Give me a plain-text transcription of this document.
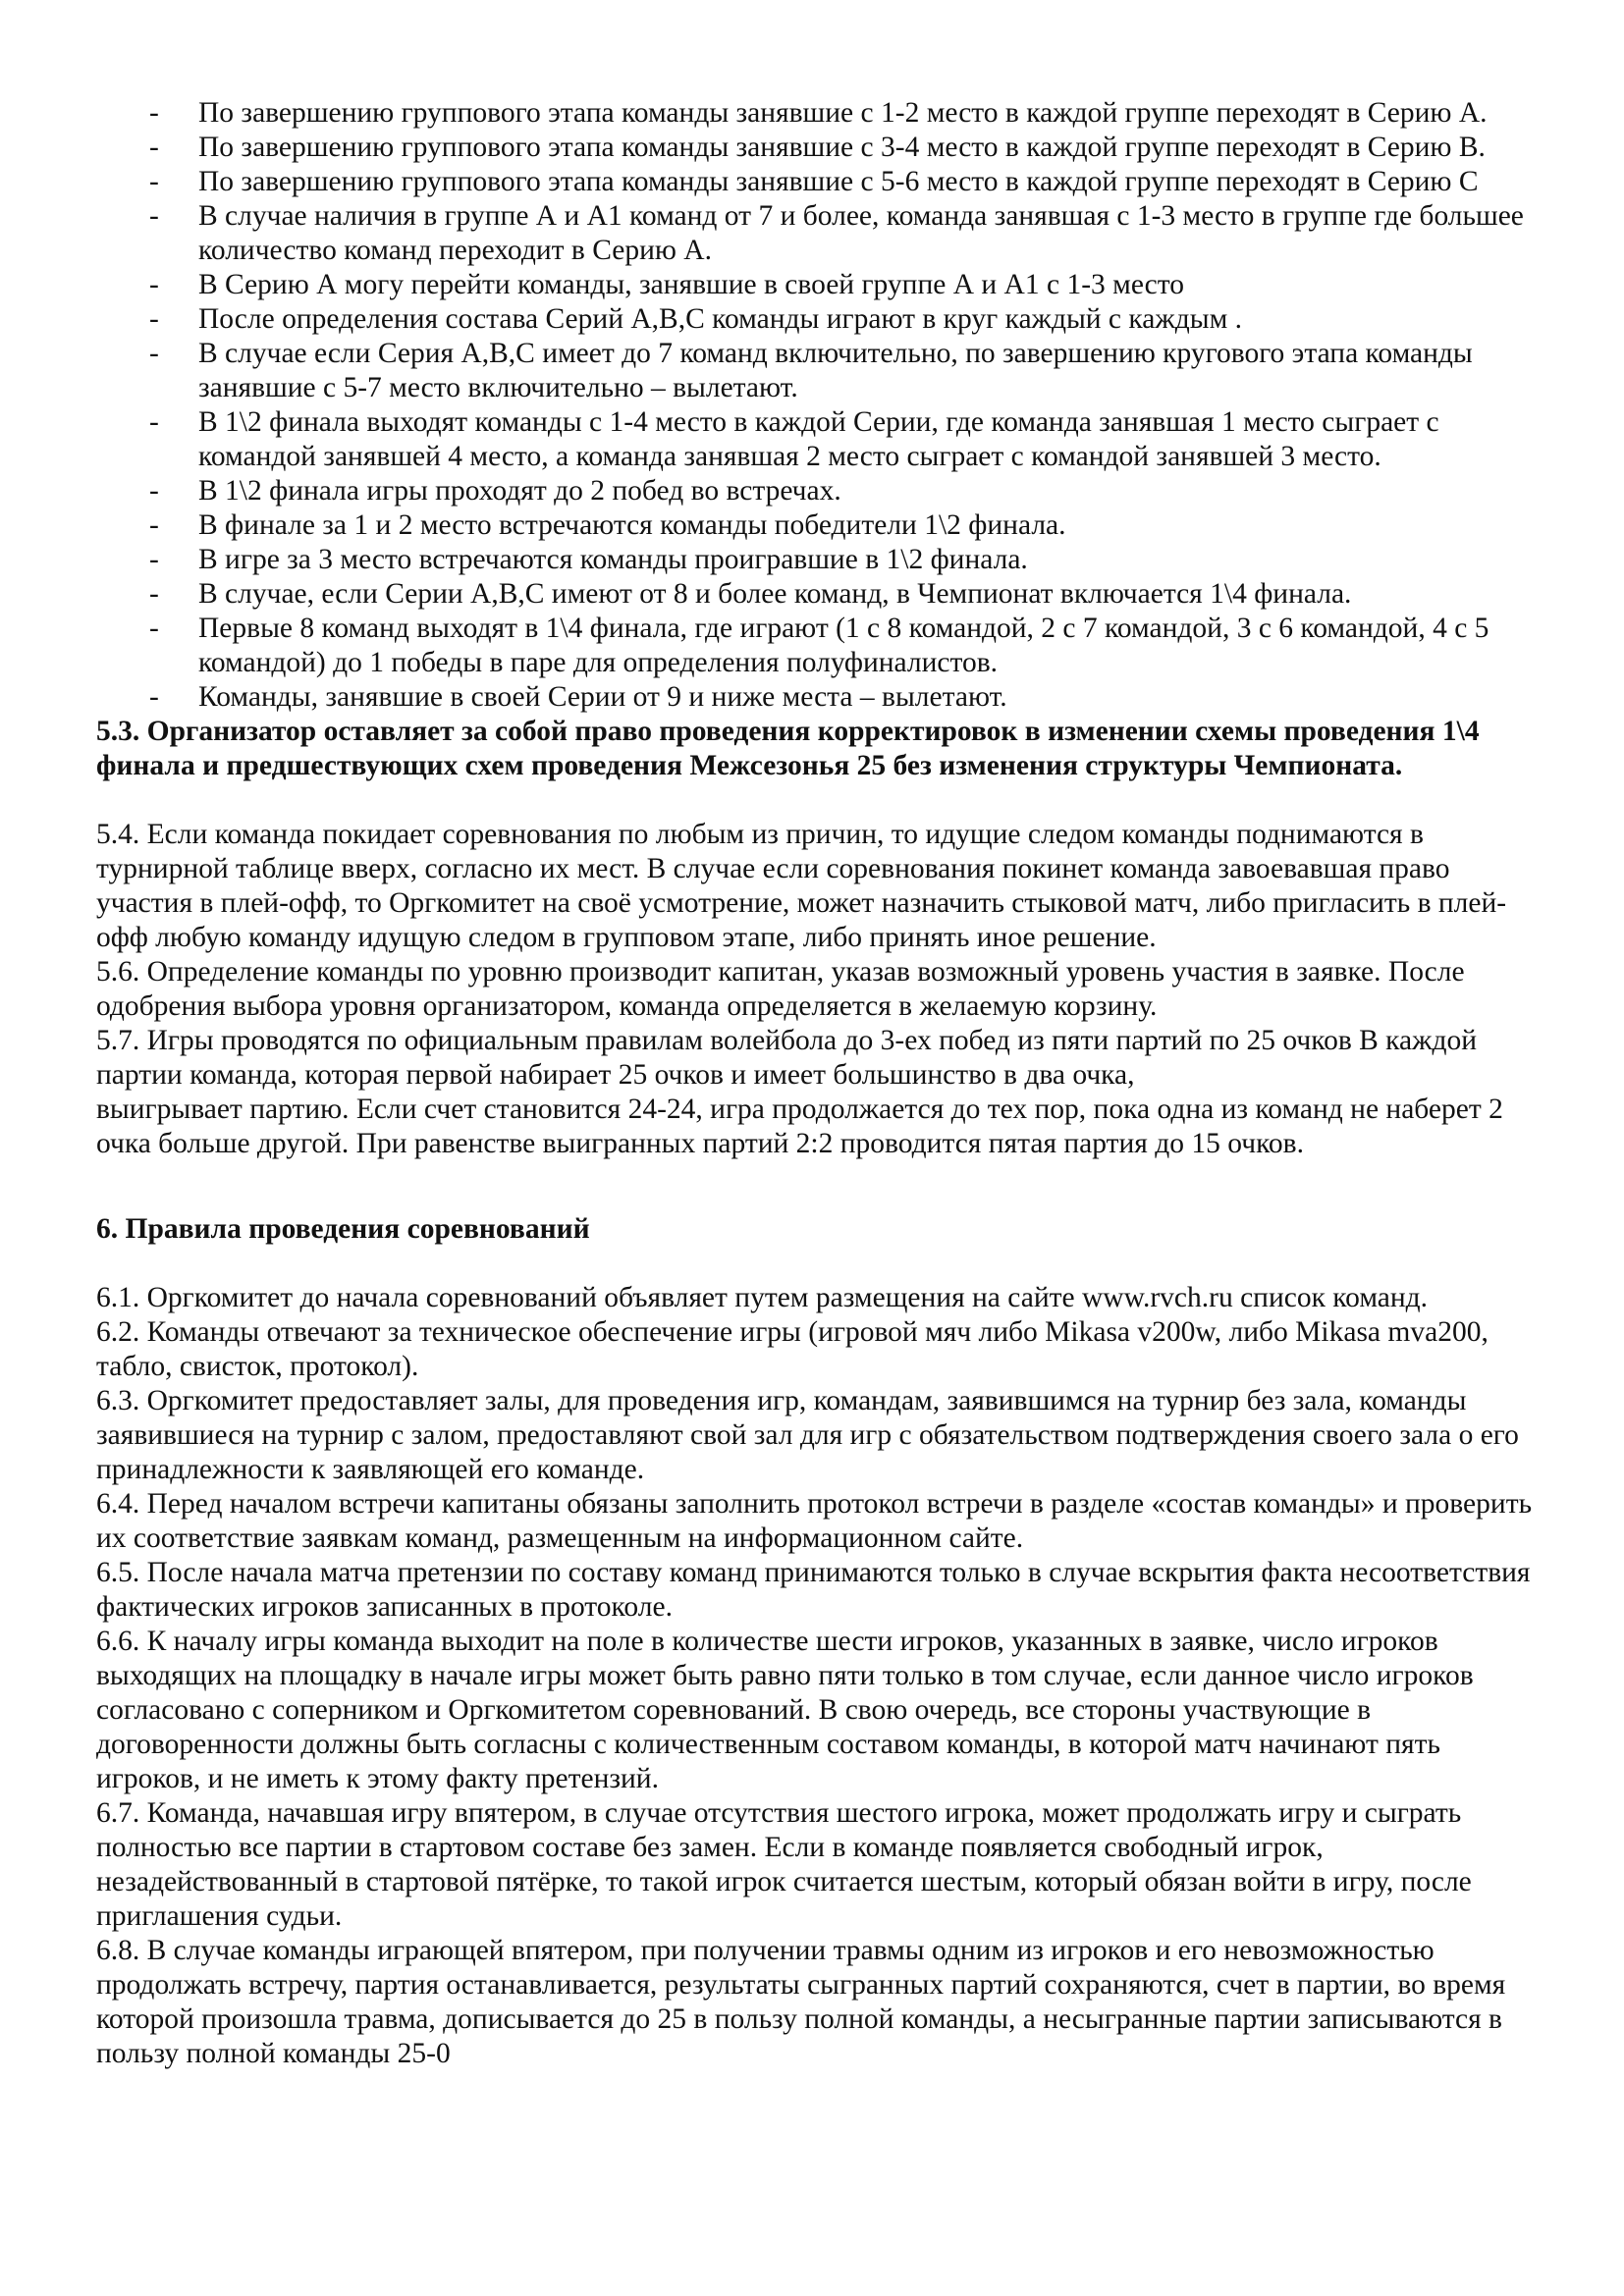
- По завершению группового этапа команды занявшие с 1-2 место в каждой группе переходят в Серию А.
- По завершению группового этапа команды занявшие с 3-4 место в каждой группе переходят в Серию В.
- По завершению группового этапа команды занявшие с 5-6 место в каждой группе переходят в Серию С
- В случае наличия в группе А и А1 команд от 7 и более, команда занявшая с 1-3 место в группе где большее количество команд переходит в Серию А.
- В Серию А могу перейти команды, занявшие в своей группе А и А1 с 1-3 место
- После определения состава Серий А,В,С команды играют в круг каждый с каждым .
- В случае если Серия А,В,С имеет до 7 команд включительно, по завершению кругового этапа команды занявшие с 5-7 место включительно – вылетают.
- В 1\2 финала выходят команды с 1-4 место в каждой Серии, где команда занявшая 1 место сыграет с командой занявшей 4 место, а команда занявшая 2 место сыграет с командой занявшей 3 место.
- В 1\2 финала игры проходят до 2 побед во встречах.
- В финале за 1 и 2 место встречаются команды победители 1\2 финала.
- В игре за 3 место встречаются команды проигравшие в 1\2 финала.
- В случае, если Серии А,В,С имеют от 8 и более команд, в Чемпионат включается 1\4 финала.
- Первые 8 команд выходят в 1\4 финала, где играют (1 с 8 командой, 2 с 7 командой, 3 с 6 командой, 4 с 5 командой) до 1 победы в паре для определения полуфиналистов.
- Команды, занявшие в своей Серии от 9 и ниже места – вылетают.

5.3. Организатор оставляет за собой право проведения корректировок в изменении схемы проведения 1\4 финала и предшествующих схем проведения Межсезонья 25 без изменения структуры Чемпионата.

5.4. Если команда покидает соревнования по любым из причин, то идущие следом команды поднимаются в турнирной таблице вверх, согласно их мест. В случае если соревнования покинет команда завоевавшая право участия в плей-офф, то Оргкомитет на своё усмотрение, может назначить стыковой матч, либо пригласить в плей-офф любую команду идущую следом в групповом этапе, либо принять иное решение.

5.6. Определение команды по уровню производит капитан, указав возможный уровень участия в заявке. После одобрения выбора уровня организатором, команда определяется в желаемую корзину.

5.7. Игры проводятся по официальным правилам волейбола до 3-ех побед из пяти партий по 25 очков В каждой партии команда, которая первой набирает 25 очков и имеет большинство в два очка,

выигрывает партию. Если счет становится 24-24, игра продолжается до тех пор, пока одна из команд не наберет 2 очка больше другой. При равенстве выигранных партий 2:2 проводится пятая партия до 15 очков.

6. Правила проведения соревнований

6.1. Оргкомитет до начала соревнований объявляет путем размещения на сайте www.rvch.ru список команд.

6.2. Команды отвечают за техническое обеспечение игры (игровой мяч либо Mikasa v200w, либо Mikasa mva200, табло, свисток, протокол).

6.3. Оргкомитет предоставляет залы, для проведения игр, командам, заявившимся на турнир без зала, команды заявившиеся на турнир с залом, предоставляют свой зал для игр с обязательством подтверждения своего зала о его принадлежности к заявляющей его команде.

6.4. Перед началом встречи капитаны обязаны заполнить протокол встречи в разделе «состав команды» и проверить их соответствие заявкам команд, размещенным на информационном сайте.

6.5. После начала матча претензии по составу команд принимаются только в случае вскрытия факта несоответствия фактических игроков записанных в протоколе.

6.6. К началу игры команда выходит на поле в количестве шести игроков, указанных в заявке, число игроков выходящих на площадку в начале игры может быть равно пяти только в том случае, если данное число игроков согласовано с соперником и Оргкомитетом соревнований. В свою очередь, все стороны участвующие в договоренности должны быть согласны с количественным составом команды, в которой матч начинают пять игроков, и не иметь к этому факту претензий.

6.7. Команда, начавшая игру впятером, в случае отсутствия шестого игрока, может продолжать игру и сыграть полностью все партии в стартовом составе без замен. Если в команде появляется свободный игрок, незадействованный в стартовой пятёрке, то такой игрок считается шестым, который обязан войти в игру, после приглашения судьи.

6.8. В случае команды играющей впятером, при получении травмы одним из игроков и его невозможностью продолжать встречу, партия останавливается, результаты сыгранных партий сохраняются, счет в партии, во время которой произошла травма, дописывается до 25 в пользу полной команды, а несыгранные партии записываются в пользу полной команды 25-0
